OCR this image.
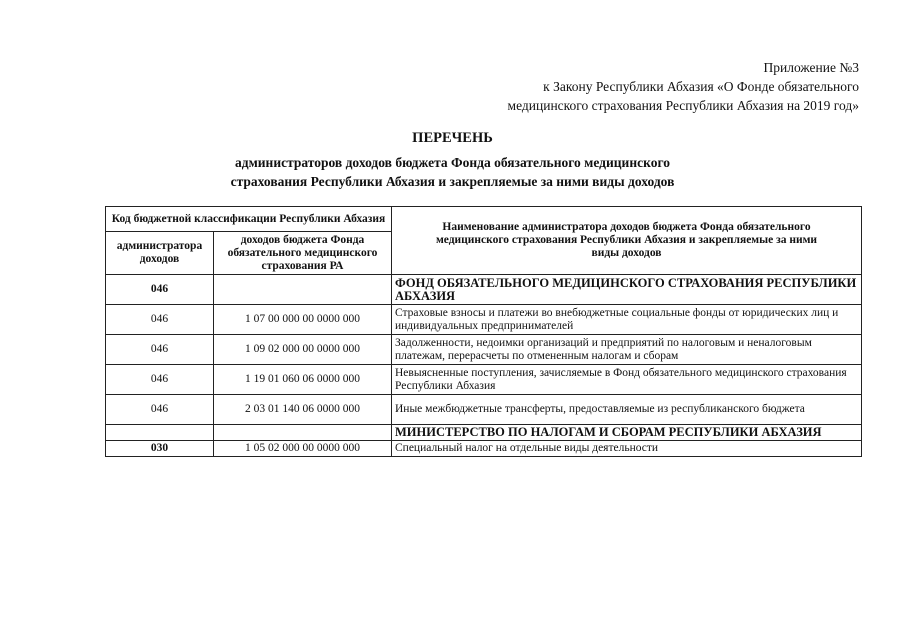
Приложение №3
к Закону Республики Абхазия «О Фонде обязательного
медицинского страхования Республики Абхазия на 2019 год»
ПЕРЕЧЕНЬ
администраторов доходов бюджета Фонда обязательного медицинского
страхования Республики Абхазия и закрепляемые за ними виды доходов
Код бюджетной классификации Республики Абхазия		Наименование администратора доходов бюджета Фонда обязательного медицинского страхования Республики Абхазия и закрепляемые за ними виды доходов
администратора доходов	доходов бюджета Фонда обязательного медицинского страхования РА	
046		ФОНД ОБЯЗАТЕЛЬНОГО МЕДИЦИНСКОГО СТРАХОВАНИЯ РЕСПУБЛИКИ АБХАЗИЯ
046	1 07 00 000 00 0000 000	Страховые взносы и платежи во внебюджетные социальные фонды от юридических лиц и индивидуальных предпринимателей
046	1 09 02 000 00 0000 000	Задолженности, недоимки организаций и предприятий по налоговым и неналоговым платежам, перерасчеты по отмененным налогам и сборам
046	1 19 01 060 06 0000 000	Невыясненные поступления, зачисляемые в Фонд обязательного медицинского страхования Республики Абхазия
046	2 03 01 140 06 0000 000	Иные межбюджетные трансферты, предоставляемые из республиканского бюджета
		МИНИСТЕРСТВО ПО НАЛОГАМ И СБОРАМ РЕСПУБЛИКИ АБХАЗИЯ
030	1 05 02 000 00 0000 000	Специальный налог на отдельные виды деятельности
